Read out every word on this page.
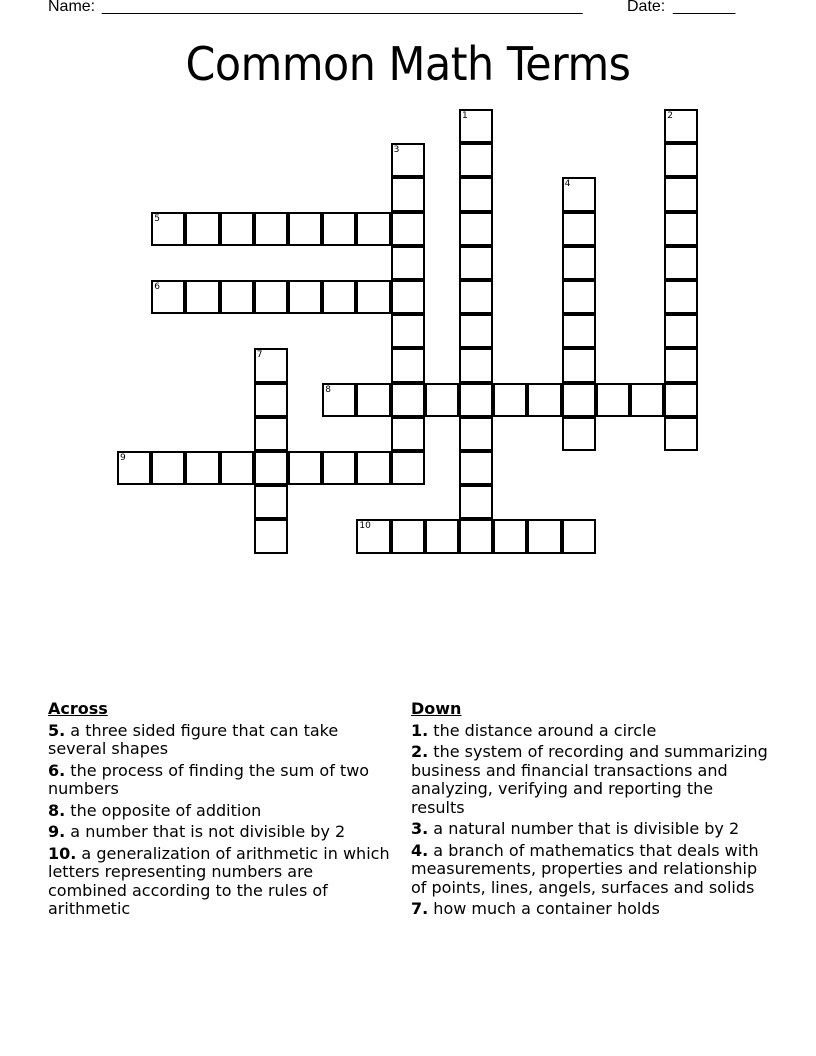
Name: ______________________________________________________	Date: _______
Common Math Terms
1	2
3
4
5
6
7
8
9
10
Across
5. a three sided figure that can take several shapes
6. the process of finding the sum of two numbers
8. the opposite of addition
9. a number that is not divisible by 2
10. a generalization of arithmetic in which letters representing numbers are combined according to the rules of arithmetic
Down
1. the distance around a circle
2. the system of recording and summarizing business and financial transactions and analyzing, verifying and reporting the results
3. a natural number that is divisible by 2
4. a branch of mathematics that deals with measurements, properties and relationship of points, lines, angels, surfaces and solids
7. how much a container holds
